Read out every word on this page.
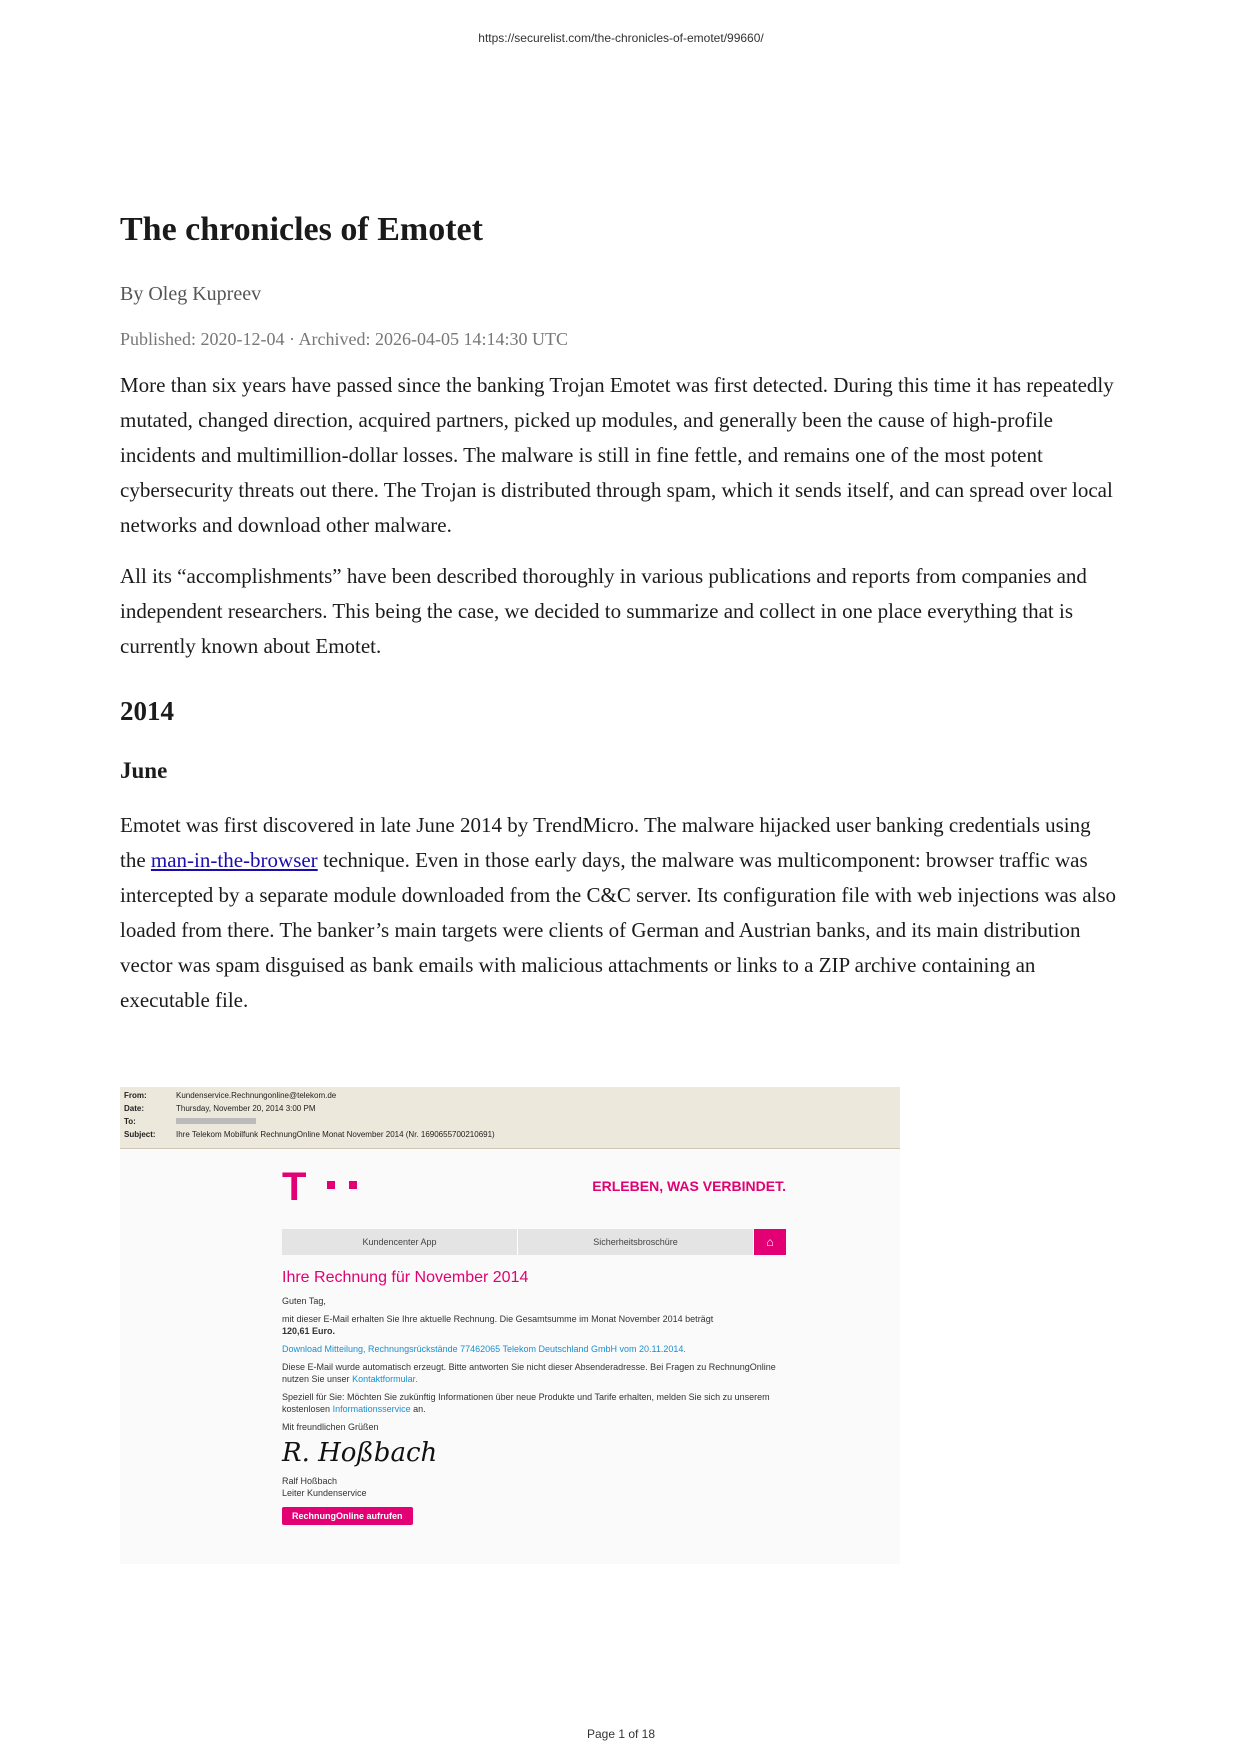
https://securelist.com/the-chronicles-of-emotet/99660/
The chronicles of Emotet
By Oleg Kupreev
Published: 2020-12-04 · Archived: 2026-04-05 14:14:30 UTC

More than six years have passed since the banking Trojan Emotet was first detected. During this time it has repeatedly mutated, changed direction, acquired partners, picked up modules, and generally been the cause of high-profile incidents and multimillion-dollar losses. The malware is still in fine fettle, and remains one of the most potent cybersecurity threats out there. The Trojan is distributed through spam, which it sends itself, and can spread over local networks and download other malware.

All its “accomplishments” have been described thoroughly in various publications and reports from companies and independent researchers. This being the case, we decided to summarize and collect in one place everything that is currently known about Emotet.

2014
June

Emotet was first discovered in late June 2014 by TrendMicro. The malware hijacked user banking credentials using the man-in-the-browser technique. Even in those early days, the malware was multicomponent: browser traffic was intercepted by a separate module downloaded from the C&C server. Its configuration file with web injections was also loaded from there. The banker’s main targets were clients of German and Austrian banks, and its main distribution vector was spam disguised as bank emails with malicious attachments or links to a ZIP archive containing an executable file.

From:	Kundenservice.Rechnungonline@telekom.de
Date:	Thursday, November 20, 2014 3:00 PM
To:
Subject:	Ihre Telekom Mobilfunk RechnungOnline Monat November 2014 (Nr. 1690655700210691)
T	ERLEBEN, WAS VERBINDET.
Kundencenter App	Sicherheitsbroschüre	⌂
Ihre Rechnung für November 2014

Guten Tag,

mit dieser E-Mail erhalten Sie Ihre aktuelle Rechnung. Die Gesamtsumme im Monat November 2014 beträgt
120,61 Euro.

Download Mitteilung, Rechnungsrückstände 77462065 Telekom Deutschland GmbH vom 20.11.2014.

Diese E-Mail wurde automatisch erzeugt. Bitte antworten Sie nicht dieser Absenderadresse. Bei Fragen zu RechnungOnline nutzen Sie unser Kontaktformular.

Speziell für Sie: Möchten Sie zukünftig Informationen über neue Produkte und Tarife erhalten, melden Sie sich zu unserem kostenlosen Informationsservice an.

Mit freundlichen Grüßen

R. Hoßbach
Ralf Hoßbach
Leiter Kundenservice
RechnungOnline aufrufen
Page 1 of 18
